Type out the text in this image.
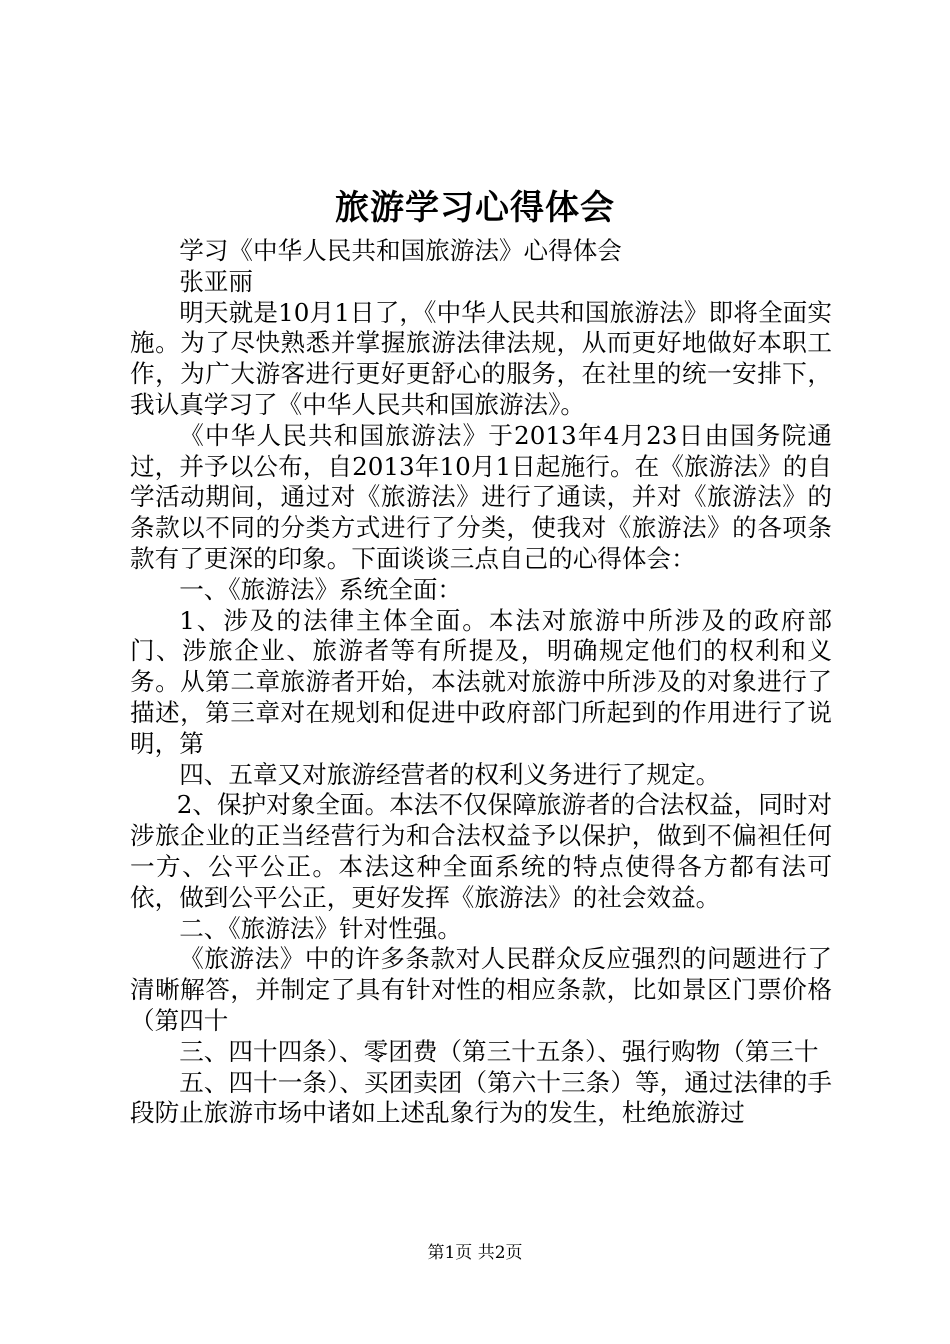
旅游学习心得体会

学习《中华人民共和国旅游法》心得体会

张亚丽

明天就是10月1日了，《中华人民共和国旅游法》即将全面实施。为了尽快熟悉并掌握旅游法律法规，从而更好地做好本职工作，为广大游客进行更好更舒心的服务，在社里的统一安排下，我认真学习了《中华人民共和国旅游法》。

《中华人民共和国旅游法》于2013年4月23日由国务院通过，并予以公布，自2013年10月1日起施行。在《旅游法》的自学活动期间，通过对《旅游法》进行了通读，并对《旅游法》的条款以不同的分类方式进行了分类，使我对《旅游法》的各项条款有了更深的印象。下面谈谈三点自己的心得体会：

一、《旅游法》系统全面：

1、涉及的法律主体全面。本法对旅游中所涉及的政府部门、涉旅企业、旅游者等有所提及，明确规定他们的权利和义务。从第二章旅游者开始，本法就对旅游中所涉及的对象进行了描述，第三章对在规划和促进中政府部门所起到的作用进行了说明，第

四、五章又对旅游经营者的权利义务进行了规定。

2、保护对象全面。本法不仅保障旅游者的合法权益，同时对涉旅企业的正当经营行为和合法权益予以保护，做到不偏袒任何一方、公平公正。本法这种全面系统的特点使得各方都有法可依，做到公平公正，更好发挥《旅游法》的社会效益。

二、《旅游法》针对性强。

《旅游法》中的许多条款对人民群众反应强烈的问题进行了清晰解答，并制定了具有针对性的相应条款，比如景区门票价格（第四十

三、四十四条）、零团费（第三十五条）、强行购物（第三十

五、四十一条）、买团卖团（第六十三条）等，通过法律的手段防止旅游市场中诸如上述乱象行为的发生，杜绝旅游过

第1页 共2页
